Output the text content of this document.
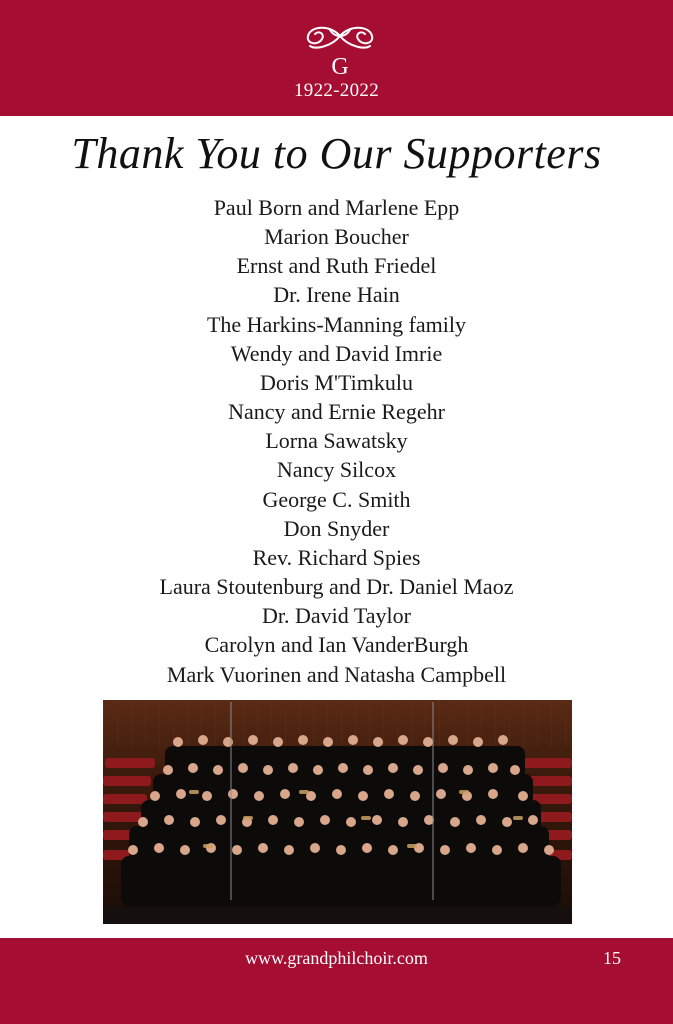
G
1922-2022
Thank You to Our Supporters
Paul Born and Marlene Epp
Marion Boucher
Ernst and Ruth Friedel
Dr. Irene Hain
The Harkins-Manning family
Wendy and David Imrie
Doris M'Timkulu
Nancy and Ernie Regehr
Lorna Sawatsky
Nancy Silcox
George C. Smith
Don Snyder
Rev. Richard Spies
Laura Stoutenburg and Dr. Daniel Maoz
Dr. David Taylor
Carolyn and Ian VanderBurgh
Mark Vuorinen and Natasha Campbell
www.grandphilchoir.com	15
